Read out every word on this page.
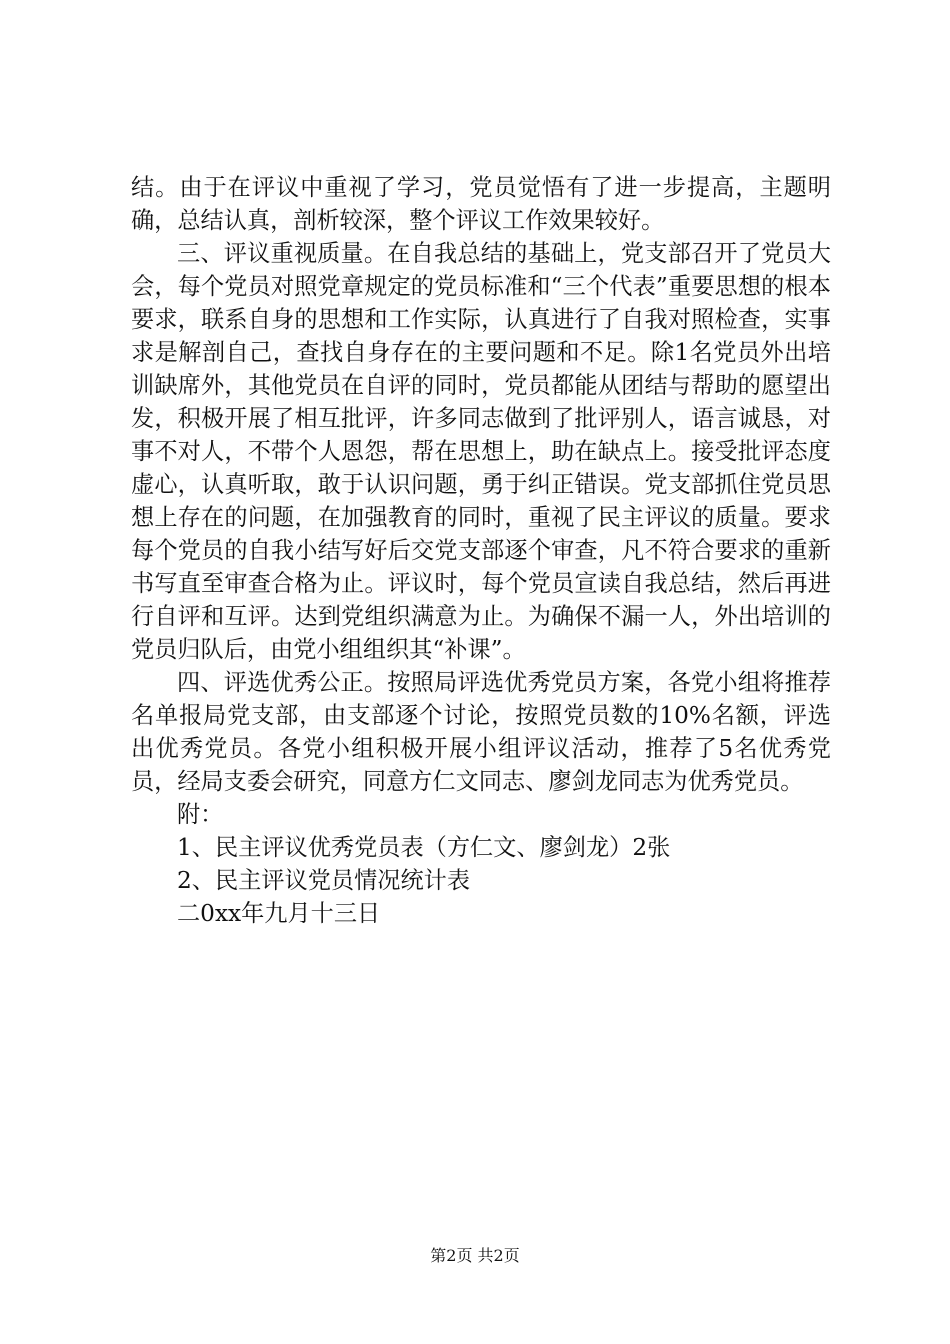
结。由于在评议中重视了学习，党员觉悟有了进一步提高，主题明确，总结认真，剖析较深，整个评议工作效果较好。

三、评议重视质量。在自我总结的基础上，党支部召开了党员大会，每个党员对照党章规定的党员标准和“三个代表”重要思想的根本要求，联系自身的思想和工作实际，认真进行了自我对照检查，实事求是解剖自己，查找自身存在的主要问题和不足。除1名党员外出培训缺席外，其他党员在自评的同时，党员都能从团结与帮助的愿望出发，积极开展了相互批评，许多同志做到了批评别人，语言诚恳，对事不对人，不带个人恩怨，帮在思想上，助在缺点上。接受批评态度虚心，认真听取，敢于认识问题，勇于纠正错误。党支部抓住党员思想上存在的问题，在加强教育的同时，重视了民主评议的质量。要求每个党员的自我小结写好后交党支部逐个审查，凡不符合要求的重新书写直至审查合格为止。评议时，每个党员宣读自我总结，然后再进行自评和互评。达到党组织满意为止。为确保不漏一人，外出培训的党员归队后，由党小组组织其“补课”。

四、评选优秀公正。按照局评选优秀党员方案，各党小组将推荐名单报局党支部，由支部逐个讨论，按照党员数的10%名额，评选出优秀党员。各党小组积极开展小组评议活动，推荐了5名优秀党员，经局支委会研究，同意方仁文同志、廖剑龙同志为优秀党员。

附：

1、民主评议优秀党员表（方仁文、廖剑龙）2张

2、民主评议党员情况统计表

二0xx年九月十三日

第2页 共2页
